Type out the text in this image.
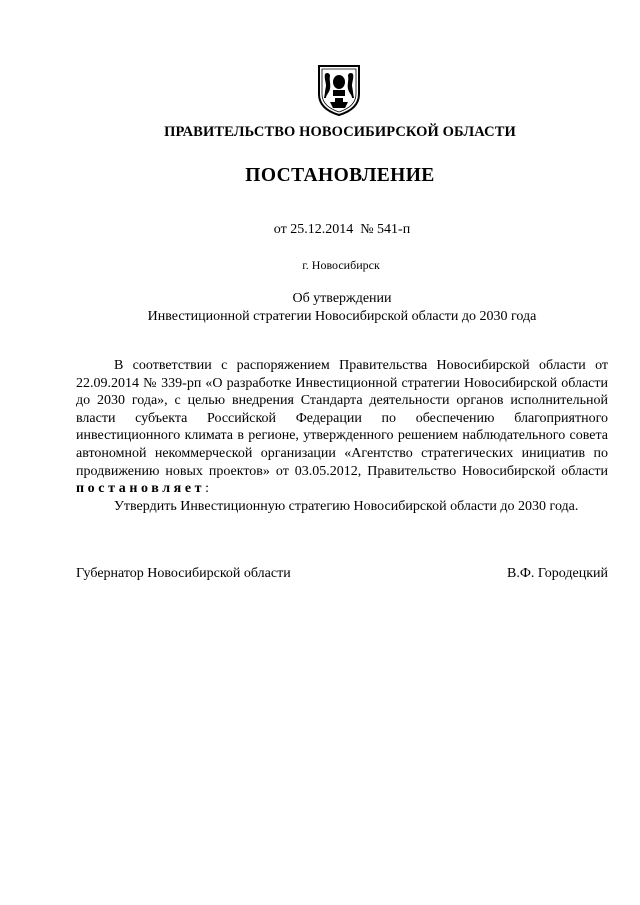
ПРАВИТЕЛЬСТВО НОВОСИБИРСКОЙ ОБЛАСТИ
ПОСТАНОВЛЕНИЕ
от 25.12.2014  № 541-п
г. Новосибирск
Об утверждении
Инвестиционной стратегии Новосибирской области до 2030 года

В соответствии с распоряжением Правительства Новосибирской области от 22.09.2014 № 339-рп «О разработке Инвестиционной стратегии Новосибирской области до 2030 года», с целью внедрения Стандарта деятельности органов исполнительной власти субъекта Российской Федерации по обеспечению благоприятного инвестиционного климата в регионе, утвержденного решением наблюдательного совета автономной некоммерческой организации «Агентство стратегических инициатив по продвижению новых проектов» от 03.05.2012, Правительство Новосибирской области постановляет:

Утвердить Инвестиционную стратегию Новосибирской области до 2030 года.

Губернатор Новосибирской области	В.Ф. Городецкий
